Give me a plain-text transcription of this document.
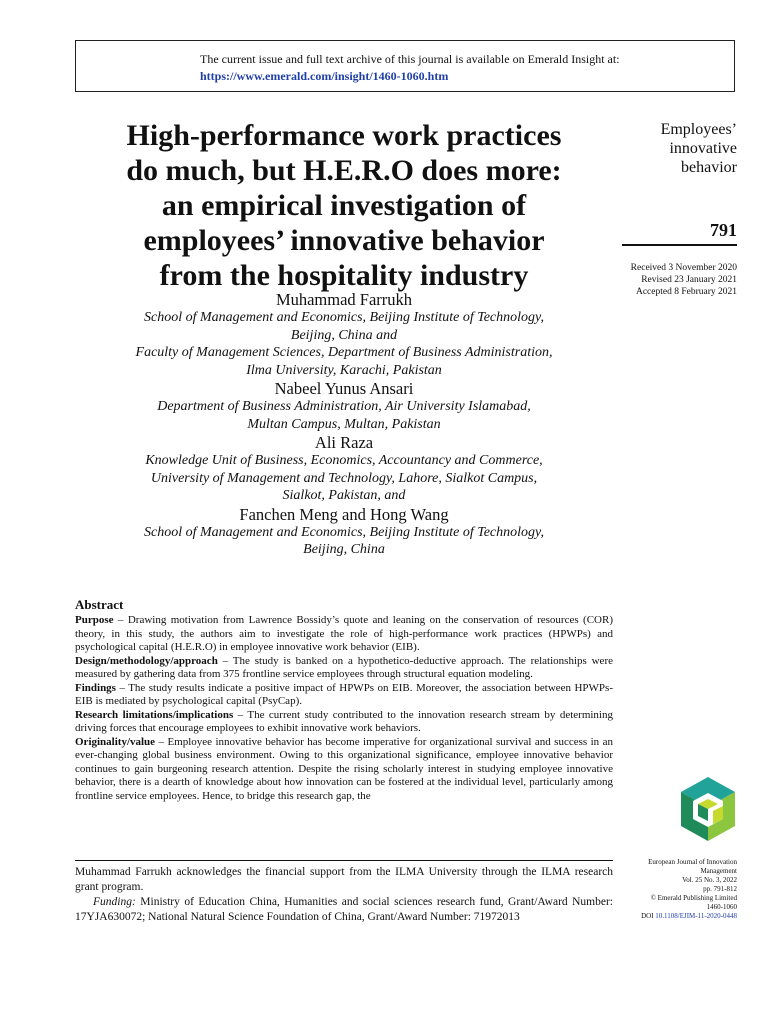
The current issue and full text archive of this journal is available on Emerald Insight at:
https://www.emerald.com/insight/1460-1060.htm
High-performance work practices
do much, but H.E.R.O does more:
an empirical investigation of
employees’ innovative behavior
from the hospitality industry
Employees’
innovative
behavior
791
Received 3 November 2020
Revised 23 January 2021
Accepted 8 February 2021
Muhammad Farrukh
School of Management and Economics, Beijing Institute of Technology,
Beijing, China and
Faculty of Management Sciences, Department of Business Administration,
Ilma University, Karachi, Pakistan
Nabeel Yunus Ansari
Department of Business Administration, Air University Islamabad,
Multan Campus, Multan, Pakistan
Ali Raza
Knowledge Unit of Business, Economics, Accountancy and Commerce,
University of Management and Technology, Lahore, Sialkot Campus,
Sialkot, Pakistan, and
Fanchen Meng and Hong Wang
School of Management and Economics, Beijing Institute of Technology,
Beijing, China
Abstract

Purpose – Drawing motivation from Lawrence Bossidy’s quote and leaning on the conservation of resources (COR) theory, in this study, the authors aim to investigate the role of high-performance work practices (HPWPs) and psychological capital (H.E.R.O) in employee innovative work behavior (EIB).

Design/methodology/approach – The study is banked on a hypothetico-deductive approach. The relationships were measured by gathering data from 375 frontline service employees through structural equation modeling.

Findings – The study results indicate a positive impact of HPWPs on EIB. Moreover, the association between HPWPs-EIB is mediated by psychological capital (PsyCap).

Research limitations/implications – The current study contributed to the innovation research stream by determining driving forces that encourage employees to exhibit innovative work behaviors.

Originality/value – Employee innovative behavior has become imperative for organizational survival and success in an ever-changing global business environment. Owing to this organizational significance, employee innovative behavior continues to gain burgeoning research attention. Despite the rising scholarly interest in studying employee innovative behavior, there is a dearth of knowledge about how innovation can be fostered at the individual level, particularly among frontline service employees. Hence, to bridge this research gap, the

Muhammad Farrukh acknowledges the financial support from the ILMA University through the ILMA research grant program.

Funding: Ministry of Education China, Humanities and social sciences research fund, Grant/Award Number: 17YJA630072; National Natural Science Foundation of China, Grant/Award Number: 71972013

European Journal of Innovation
Management
Vol. 25 No. 3, 2022
pp. 791-812
© Emerald Publishing Limited
1460-1060
DOI 10.1108/EJIM-11-2020-0448
